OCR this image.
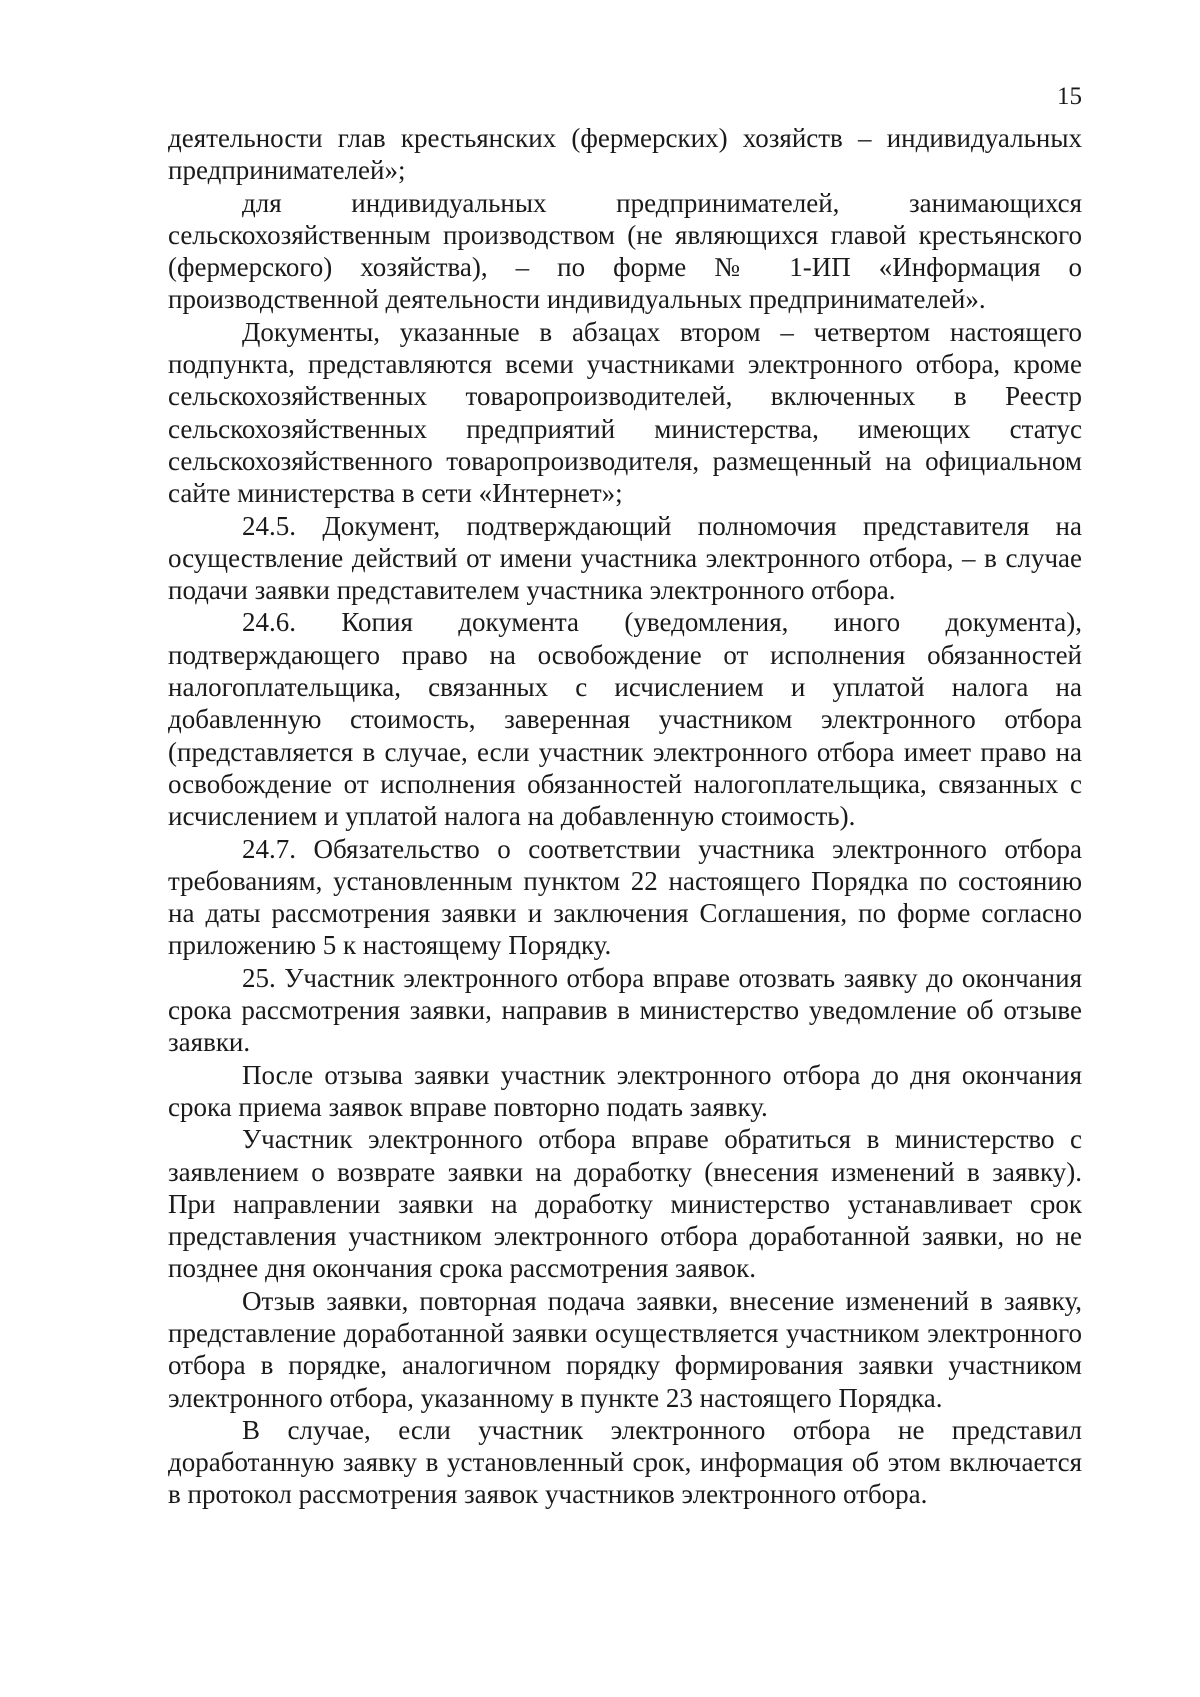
15

деятельности глав крестьянских (фермерских) хозяйств – индивидуальных предпринимателей»;

для индивидуальных предпринимателей, занимающихся сельскохозяйственным производством (не являющихся главой крестьянского (фермерского) хозяйства), – по форме № 1-ИП «Информация о производственной деятельности индивидуальных предпринимателей».

Документы, указанные в абзацах втором – четвертом настоящего подпункта, представляются всеми участниками электронного отбора, кроме сельскохозяйственных товаропроизводителей, включенных в Реестр сельскохозяйственных предприятий министерства, имеющих статус сельскохозяйственного товаропроизводителя, размещенный на официальном сайте министерства в сети «Интернет»;

24.5. Документ, подтверждающий полномочия представителя на осуществление действий от имени участника электронного отбора, – в случае подачи заявки представителем участника электронного отбора.

24.6. Копия документа (уведомления, иного документа), подтверждающего право на освобождение от исполнения обязанностей налогоплательщика, связанных с исчислением и уплатой налога на добавленную стоимость, заверенная участником электронного отбора (представляется в случае, если участник электронного отбора имеет право на освобождение от исполнения обязанностей налогоплательщика, связанных с исчислением и уплатой налога на добавленную стоимость).

24.7. Обязательство о соответствии участника электронного отбора требованиям, установленным пунктом 22 настоящего Порядка по состоянию на даты рассмотрения заявки и заключения Соглашения, по форме согласно приложению 5 к настоящему Порядку.

25. Участник электронного отбора вправе отозвать заявку до окончания срока рассмотрения заявки, направив в министерство уведомление об отзыве заявки.

После отзыва заявки участник электронного отбора до дня окончания срока приема заявок вправе повторно подать заявку.

Участник электронного отбора вправе обратиться в министерство с заявлением о возврате заявки на доработку (внесения изменений в заявку). При направлении заявки на доработку министерство устанавливает срок представления участником электронного отбора доработанной заявки, но не позднее дня окончания срока рассмотрения заявок.

Отзыв заявки, повторная подача заявки, внесение изменений в заявку, представление доработанной заявки осуществляется участником электронного отбора в порядке, аналогичном порядку формирования заявки участником электронного отбора, указанному в пункте 23 настоящего Порядка.

В случае, если участник электронного отбора не представил доработанную заявку в установленный срок, информация об этом включается в протокол рассмотрения заявок участников электронного отбора.
